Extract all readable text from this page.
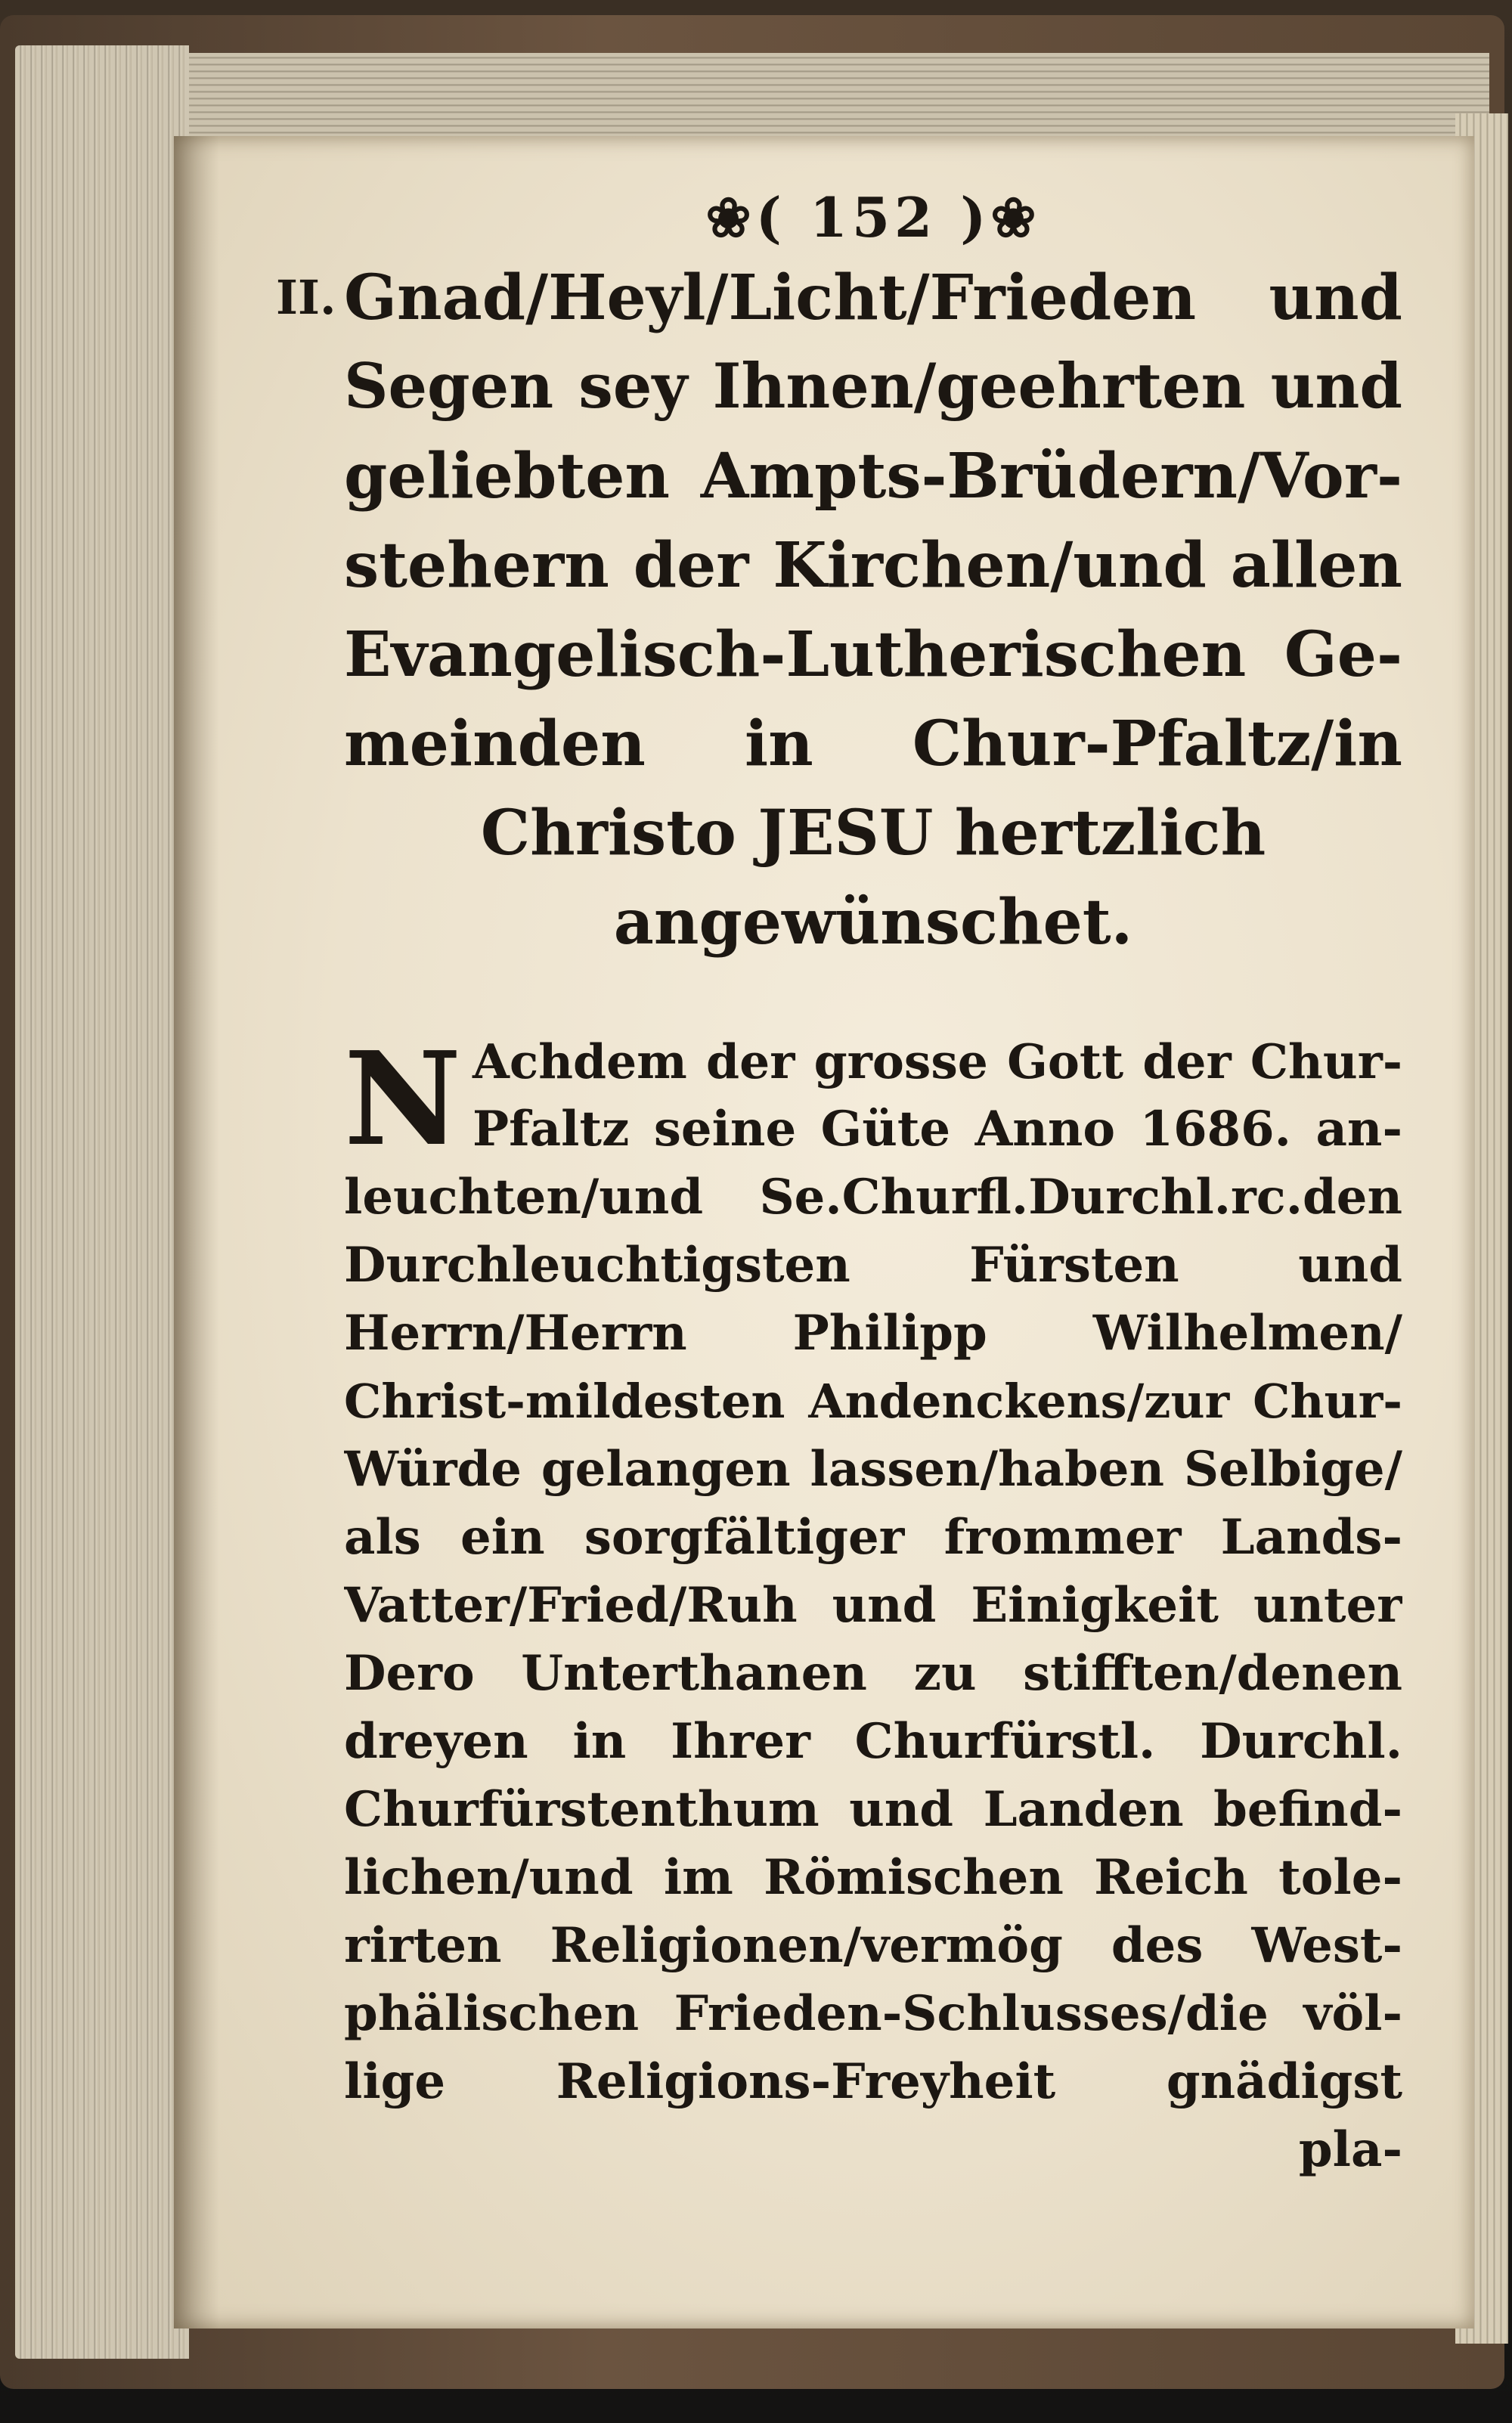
❀( 152 )❀
II. Gnad/Heyl/Licht/Frieden und
Segen sey Ihnen/geehrten und
geliebten Ampts-Brüdern/Vor-
stehern der Kirchen/und allen
Evangelisch-Lutherischen Ge-
meinden in Chur-Pfaltz/in
Christo JESU hertzlich
angewünschet.
N Achdem der grosse Gott der Chur-
Pfaltz seine Güte Anno 1686. an-
leuchten/und Se.Churfl.Durchl.rc.den
Durchleuchtigsten Fürsten und
Herrn/Herrn Philipp Wilhelmen/
Christ-mildesten Andenckens/zur Chur-
Würde gelangen lassen/haben Selbige/
als ein sorgfältiger frommer Lands-
Vatter/Fried/Ruh und Einigkeit unter
Dero Unterthanen zu stifften/denen
dreyen in Ihrer Churfürstl. Durchl.
Churfürstenthum und Landen befind-
lichen/und im Römischen Reich tole-
rirten Religionen/vermög des West-
phälischen Frieden-Schlusses/die völ-
lige Religions-Freyheit gnädigst
pla-
